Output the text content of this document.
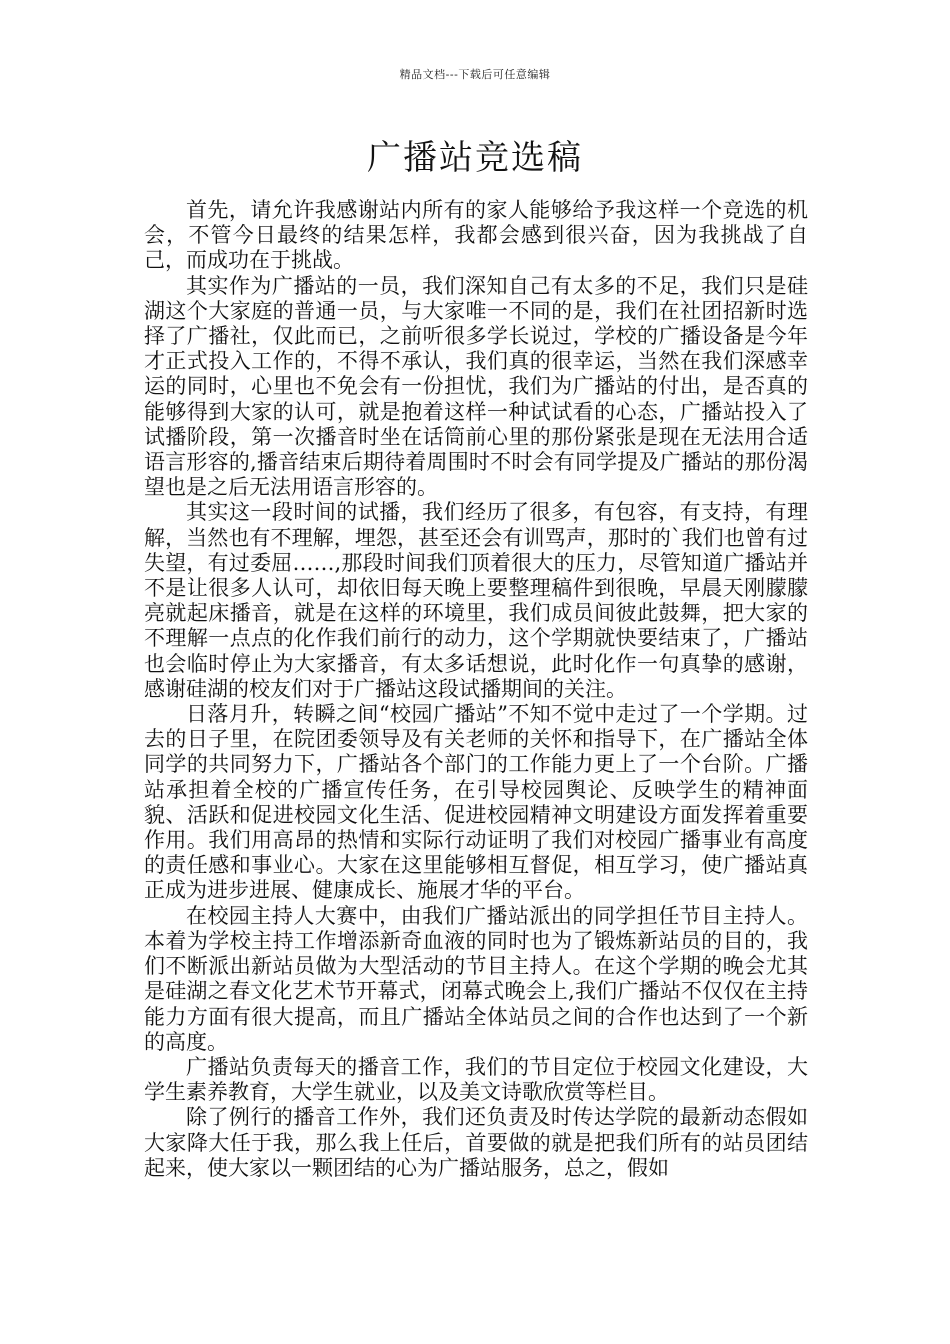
精品文档---下载后可任意编辑
广播站竞选稿

首先，请允许我感谢站内所有的家人能够给予我这样一个竞选的机会，不管今日最终的结果怎样，我都会感到很兴奋，因为我挑战了自己，而成功在于挑战。

其实作为广播站的一员，我们深知自己有太多的不足，我们只是硅湖这个大家庭的普通一员，与大家唯一不同的是，我们在社团招新时选择了广播社，仅此而已，之前听很多学长说过，学校的广播设备是今年才正式投入工作的，不得不承认，我们真的很幸运，当然在我们深感幸运的同时，心里也不免会有一份担忧，我们为广播站的付出，是否真的能够得到大家的认可，就是抱着这样一种试试看的心态，广播站投入了试播阶段，第一次播音时坐在话筒前心里的那份紧张是现在无法用合适语言形容的,播音结束后期待着周围时不时会有同学提及广播站的那份渴望也是之后无法用语言形容的。

其实这一段时间的试播，我们经历了很多，有包容，有支持，有理解，当然也有不理解，埋怨，甚至还会有训骂声，那时的`我们也曾有过失望，有过委屈……,那段时间我们顶着很大的压力，尽管知道广播站并不是让很多人认可，却依旧每天晚上要整理稿件到很晚，早晨天刚朦朦亮就起床播音，就是在这样的环境里，我们成员间彼此鼓舞，把大家的不理解一点点的化作我们前行的动力，这个学期就快要结束了，广播站也会临时停止为大家播音，有太多话想说，此时化作一句真挚的感谢，感谢硅湖的校友们对于广播站这段试播期间的关注。

日落月升，转瞬之间“校园广播站”不知不觉中走过了一个学期。过去的日子里，在院团委领导及有关老师的关怀和指导下，在广播站全体同学的共同努力下，广播站各个部门的工作能力更上了一个台阶。广播站承担着全校的广播宣传任务，在引导校园舆论、反映学生的精神面貌、活跃和促进校园文化生活、促进校园精神文明建设方面发挥着重要作用。我们用高昂的热情和实际行动证明了我们对校园广播事业有高度的责任感和事业心。大家在这里能够相互督促，相互学习，使广播站真正成为进步进展、健康成长、施展才华的平台。

在校园主持人大赛中，由我们广播站派出的同学担任节目主持人。本着为学校主持工作增添新奇血液的同时也为了锻炼新站员的目的，我们不断派出新站员做为大型活动的节目主持人。在这个学期的晚会尤其是硅湖之春文化艺术节开幕式，闭幕式晚会上,我们广播站不仅仅在主持能力方面有很大提高，而且广播站全体站员之间的合作也达到了一个新的高度。

广播站负责每天的播音工作，我们的节目定位于校园文化建设，大学生素养教育，大学生就业，以及美文诗歌欣赏等栏目。

除了例行的播音工作外，我们还负责及时传达学院的最新动态假如大家降大任于我，那么我上任后，首要做的就是把我们所有的站员团结起来，使大家以一颗团结的心为广播站服务，总之，假如
